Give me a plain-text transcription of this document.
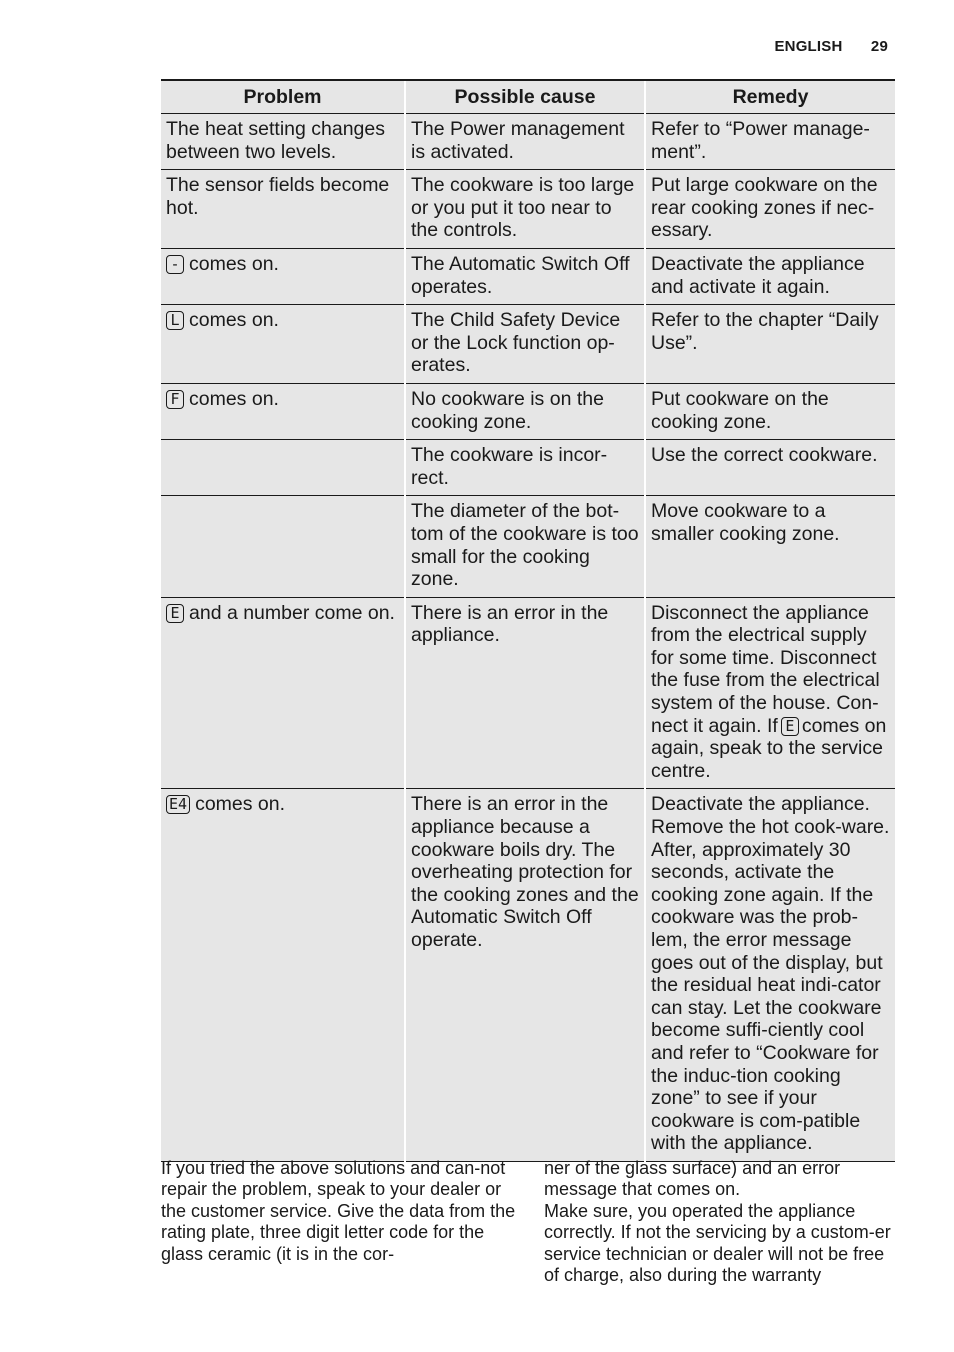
ENGLISH 29
Problem	Possible cause	Remedy
The heat setting changes between two levels.	The Power management is activated.	Refer to “Power manage-ment”.
The sensor fields become hot.	The cookware is too large or you put it too near to the controls.	Put large cookware on the rear cooking zones if nec-essary.
- comes on.	The Automatic Switch Off operates.	Deactivate the appliance and activate it again.
L comes on.	The Child Safety Device or the Lock function op-erates.	Refer to the chapter “Daily Use”.
F comes on.	No cookware is on the cooking zone.	Put cookware on the cooking zone.
	The cookware is incor-rect.	Use the correct cookware.
	The diameter of the bot-tom of the cookware is too small for the cooking zone.	Move cookware to a smaller cooking zone.
E and a number come on.	There is an error in the appliance.	Disconnect the appliance from the electrical supply for some time. Disconnect the fuse from the electrical system of the house. Con-nect it again. If E comes on again, speak to the service centre.
E4 comes on.	There is an error in the appliance because a cookware boils dry. The overheating protection for the cooking zones and the Automatic Switch Off operate.	Deactivate the appliance. Remove the hot cook-ware. After, approximately 30 seconds, activate the cooking zone again. If the cookware was the prob-lem, the error message goes out of the display, but the residual heat indi-cator can stay. Let the cookware become suffi-ciently cool and refer to “Cookware for the induc-tion cooking zone” to see if your cookware is com-patible with the appliance.
If you tried the above solutions and can-not repair the problem, speak to your dealer or the customer service. Give the data from the rating plate, three digit letter code for the glass ceramic (it is in the cor-
ner of the glass surface) and an error message that comes on.
Make sure, you operated the appliance correctly. If not the servicing by a custom-er service technician or dealer will not be free of charge, also during the warranty
